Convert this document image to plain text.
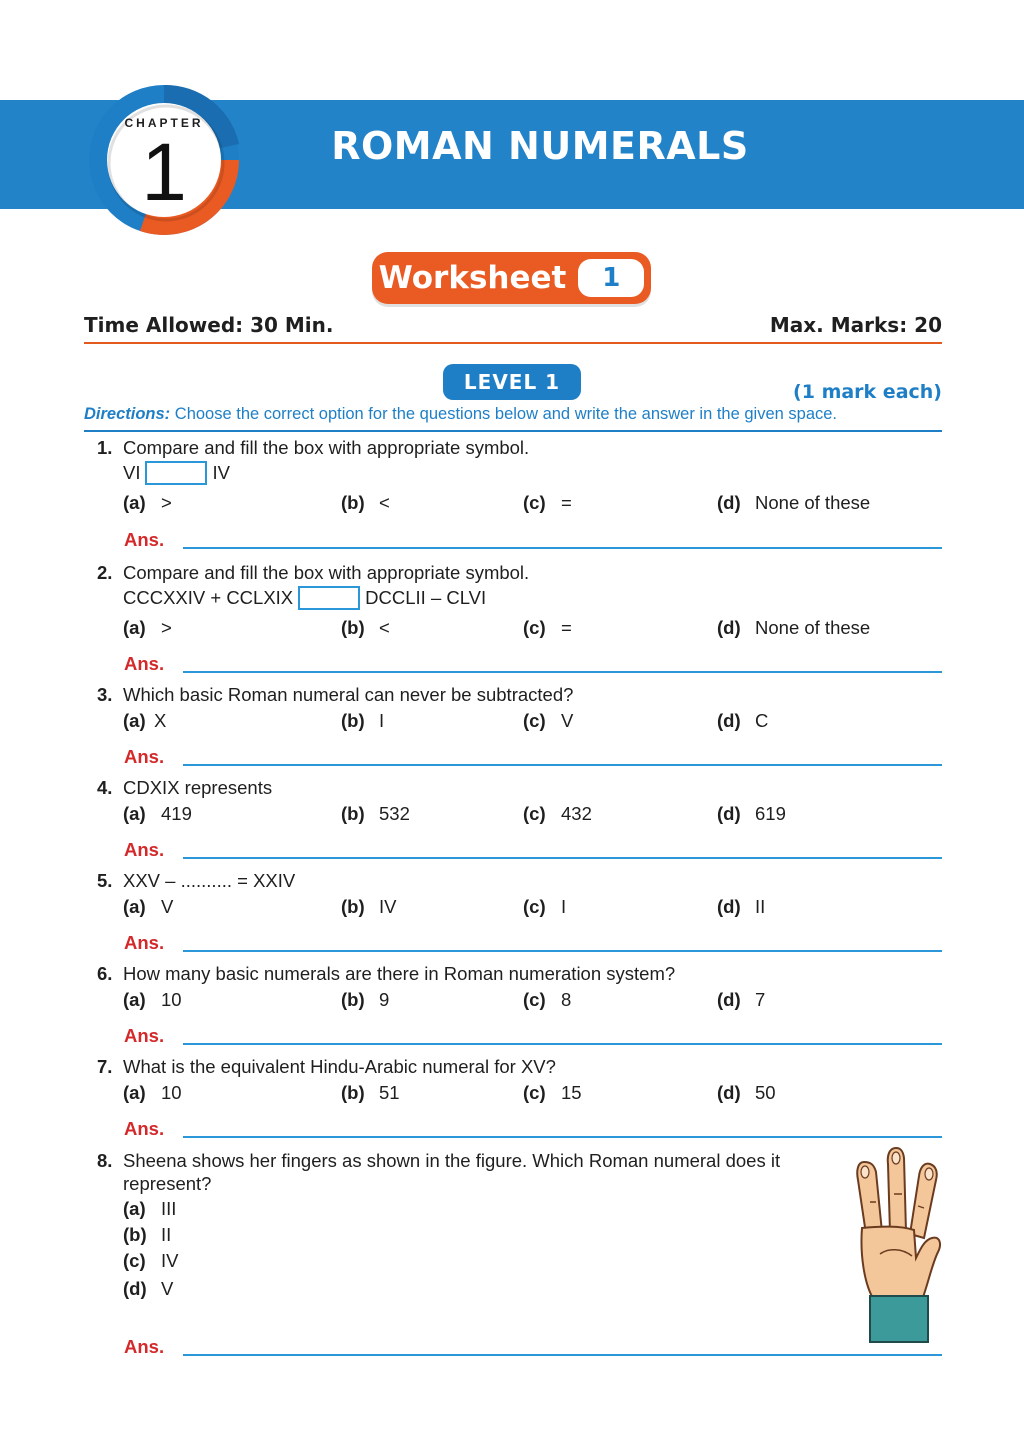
ROMAN NUMERALS
CHAPTER
1
Worksheet	1
Time Allowed: 30 Min.	Max. Marks: 20
LEVEL 1	(1 mark each)
Directions: Choose the correct option for the questions below and write the answer in the given space.
1. Compare and fill the box with appropriate symbol.
VI	IV
(a) >	(b) <	(c) =	(d) None of these
Ans.
2. Compare and fill the box with appropriate symbol.
CCCXXIV + CCLXIX	DCCLII – CLVI
(a) >	(b) <	(c) =	(d) None of these
Ans.
3. Which basic Roman numeral can never be subtracted?
(a) X	(b) I	(c) V	(d) C
Ans.
4. CDXIX represents
(a) 419	(b) 532	(c) 432	(d) 619
Ans.
5. XXV – .......... = XXIV
(a) V	(b) IV	(c) I	(d) II
Ans.
6. How many basic numerals are there in Roman numeration system?
(a) 10	(b) 9	(c) 8	(d) 7
Ans.
7. What is the equivalent Hindu-Arabic numeral for XV?
(a) 10	(b) 51	(c) 15	(d) 50
Ans.
8. Sheena shows her fingers as shown in the figure. Which Roman numeral does it
represent?
(a) III
(b) II
(c) IV
(d) V
Ans.
